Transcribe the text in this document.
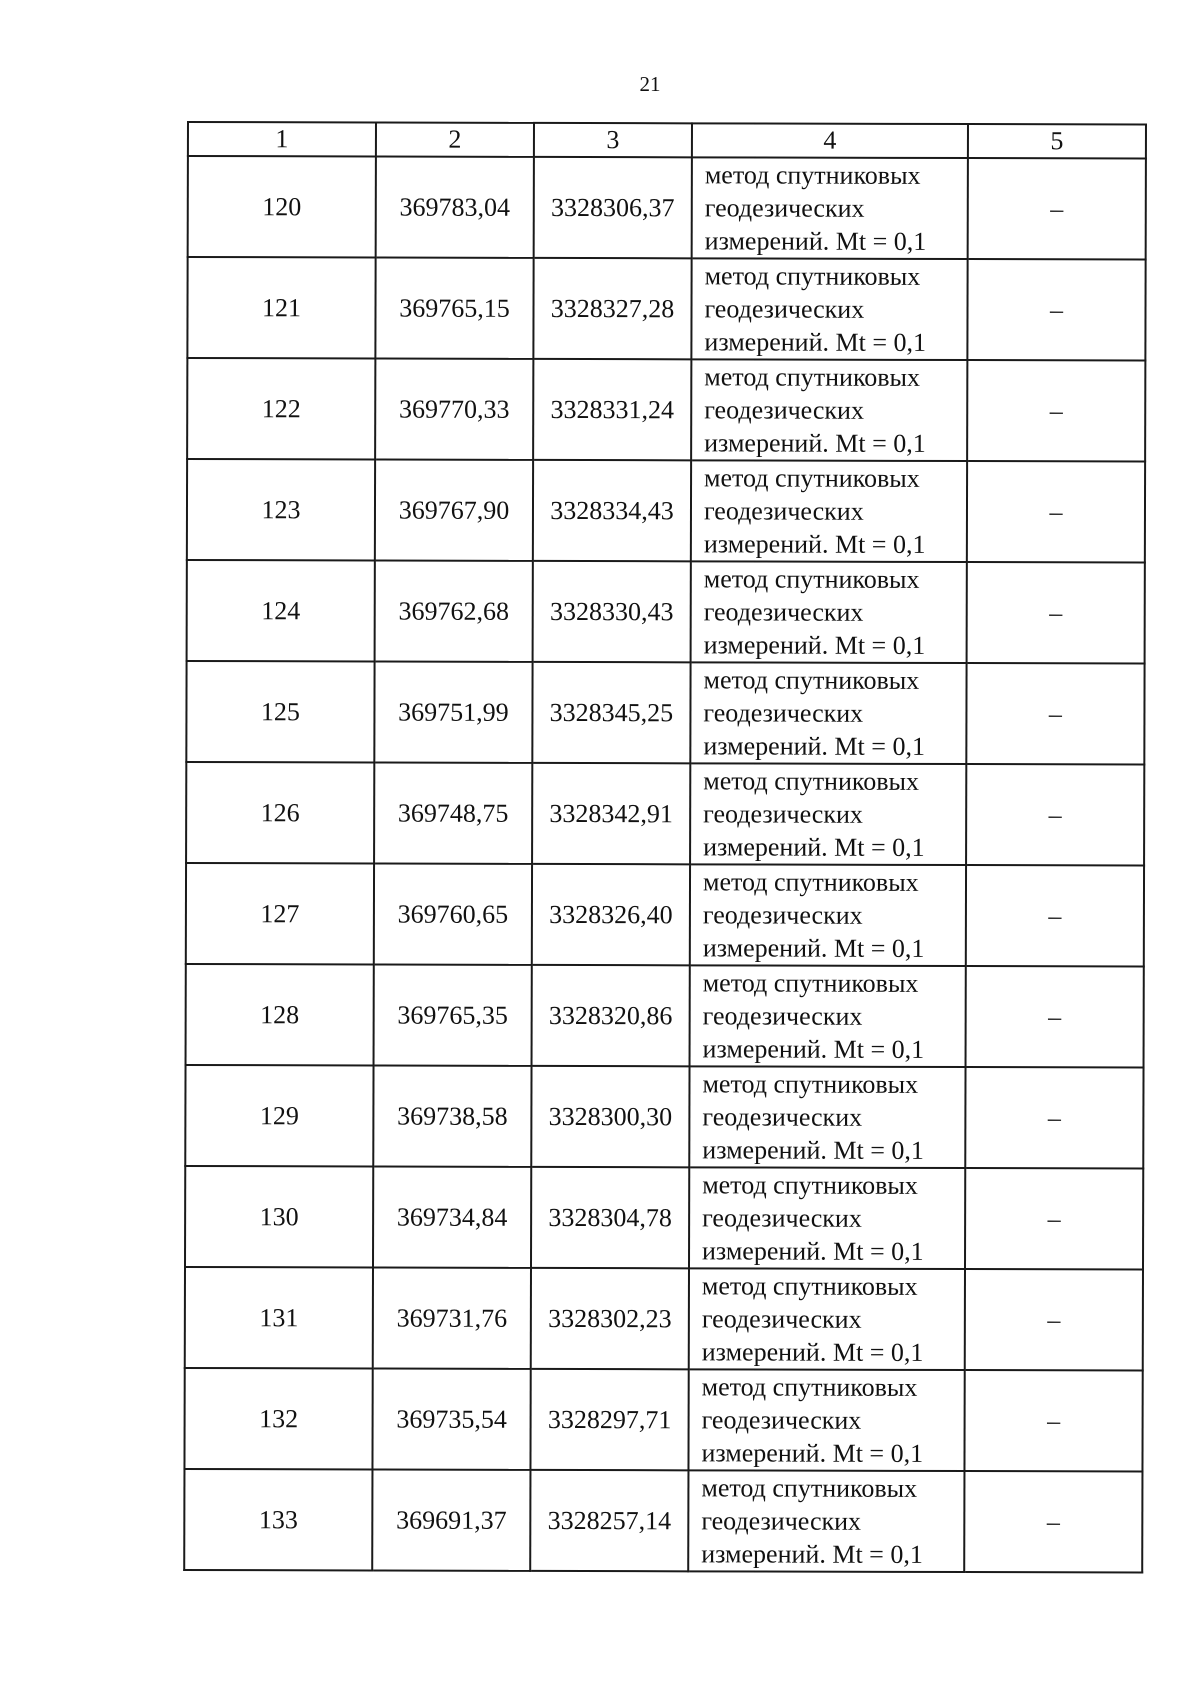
21
1	2	3	4	5
120	369783,04	3328306,37	метод спутниковых
геодезических
измерений. Mt = 0,1	–
121	369765,15	3328327,28	метод спутниковых
геодезических
измерений. Mt = 0,1	–
122	369770,33	3328331,24	метод спутниковых
геодезических
измерений. Mt = 0,1	–
123	369767,90	3328334,43	метод спутниковых
геодезических
измерений. Mt = 0,1	–
124	369762,68	3328330,43	метод спутниковых
геодезических
измерений. Mt = 0,1	–
125	369751,99	3328345,25	метод спутниковых
геодезических
измерений. Mt = 0,1	–
126	369748,75	3328342,91	метод спутниковых
геодезических
измерений. Mt = 0,1	–
127	369760,65	3328326,40	метод спутниковых
геодезических
измерений. Mt = 0,1	–
128	369765,35	3328320,86	метод спутниковых
геодезических
измерений. Mt = 0,1	–
129	369738,58	3328300,30	метод спутниковых
геодезических
измерений. Mt = 0,1	–
130	369734,84	3328304,78	метод спутниковых
геодезических
измерений. Mt = 0,1	–
131	369731,76	3328302,23	метод спутниковых
геодезических
измерений. Mt = 0,1	–
132	369735,54	3328297,71	метод спутниковых
геодезических
измерений. Mt = 0,1	–
133	369691,37	3328257,14	метод спутниковых
геодезических
измерений. Mt = 0,1	–
